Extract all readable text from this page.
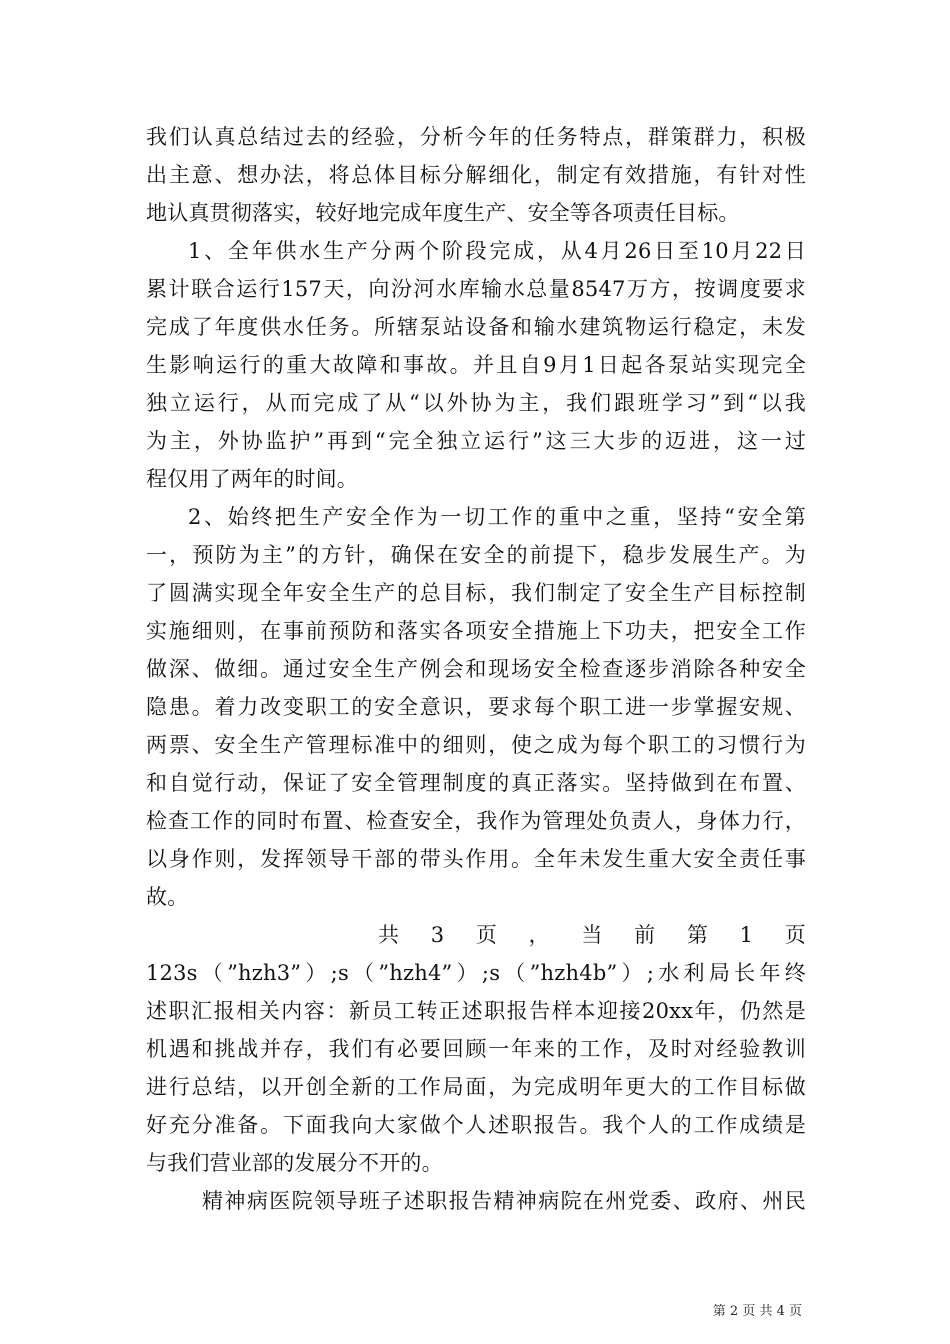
我们认真总结过去的经验，分析今年的任务特点，群策群力，积极
出主意、想办法，将总体目标分解细化，制定有效措施，有针对性
地认真贯彻落实，较好地完成年度生产、安全等各项责任目标。
1、全年供水生产分两个阶段完成，从4月26日至10月22日
累计联合运行157天，向汾河水库输水总量8547万方，按调度要求
完成了年度供水任务。所辖泵站设备和输水建筑物运行稳定，未发
生影响运行的重大故障和事故。并且自9月1日起各泵站实现完全
独立运行，从而完成了从“以外协为主，我们跟班学习”到“以我
为主，外协监护”再到“完全独立运行”这三大步的迈进，这一过
程仅用了两年的时间。
2、始终把生产安全作为一切工作的重中之重，坚持“安全第
一，预防为主”的方针，确保在安全的前提下，稳步发展生产。为
了圆满实现全年安全生产的总目标，我们制定了安全生产目标控制
实施细则，在事前预防和落实各项安全措施上下功夫，把安全工作
做深、做细。通过安全生产例会和现场安全检查逐步消除各种安全
隐患。着力改变职工的安全意识，要求每个职工进一步掌握安规、
两票、安全生产管理标准中的细则，使之成为每个职工的习惯行为
和自觉行动，保证了安全管理制度的真正落实。坚持做到在布置、
检查工作的同时布置、检查安全，我作为管理处负责人，身体力行，
以身作则，发挥领导干部的带头作用。全年未发生重大安全责任事
故。
共 3 页 ， 当 前 第 1 页
123s（”hzh3”）;s（”hzh4”）;s（”hzh4b”）;水利局长年终
述职汇报相关内容：新员工转正述职报告样本迎接20xx年，仍然是
机遇和挑战并存，我们有必要回顾一年来的工作，及时对经验教训
进行总结，以开创全新的工作局面，为完成明年更大的工作目标做
好充分准备。下面我向大家做个人述职报告。我个人的工作成绩是
与我们营业部的发展分不开的。
精神病医院领导班子述职报告精神病院在州党委、政府、州民
第 2 页 共 4 页
